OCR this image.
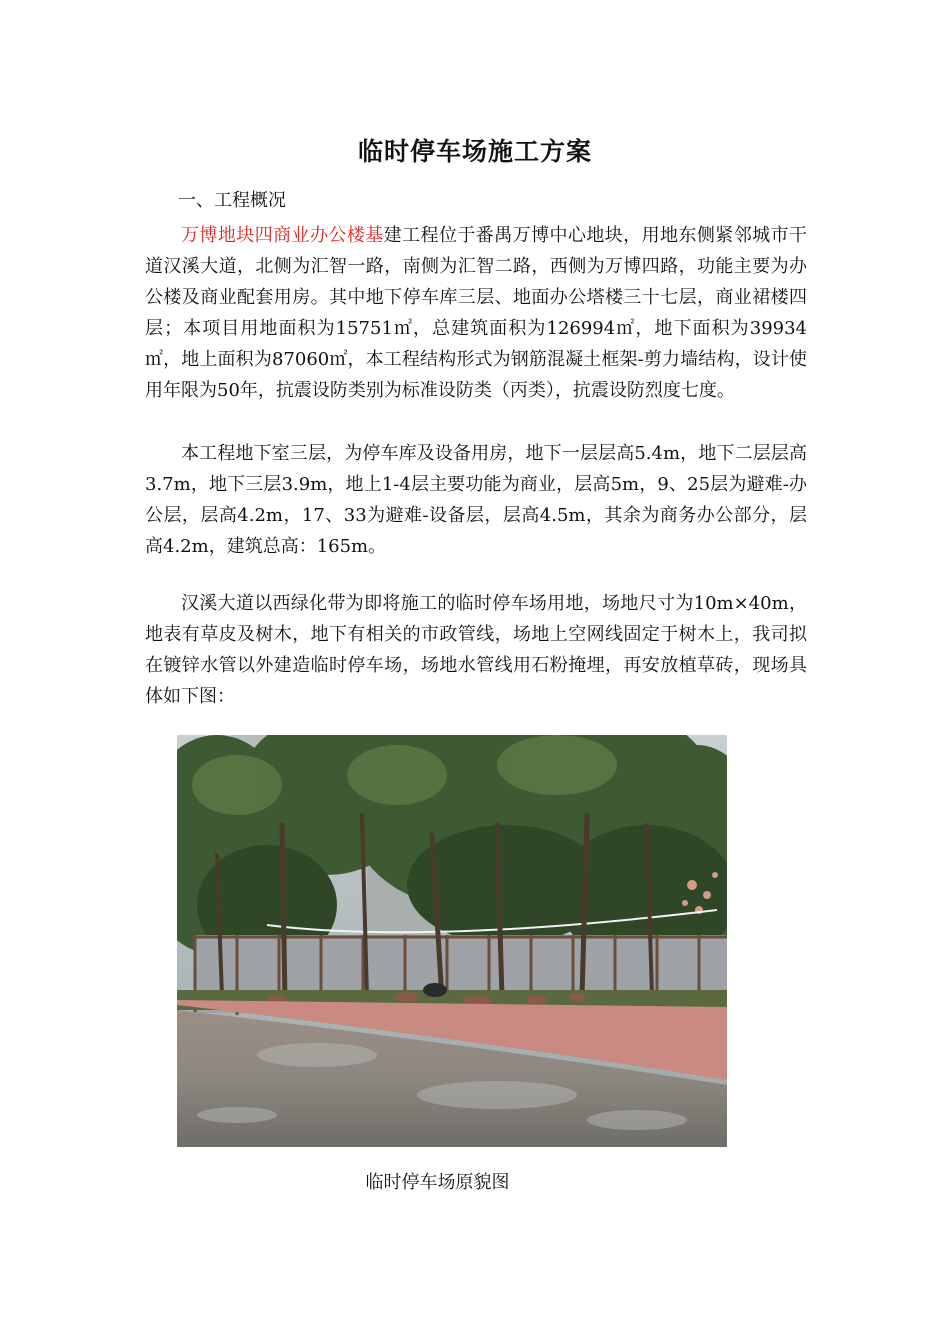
临时停车场施工方案
一、工程概况

万博地块四商业办公楼基建工程位于番禺万博中心地块，用地东侧紧邻城市干道汉溪大道，北侧为汇智一路，南侧为汇智二路，西侧为万博四路，功能主要为办公楼及商业配套用房。其中地下停车库三层、地面办公塔楼三十七层，商业裙楼四层；本项目用地面积为15751㎡，总建筑面积为126994㎡，地下面积为39934㎡，地上面积为87060㎡，本工程结构形式为钢筋混凝土框架-剪力墙结构，设计使用年限为50年，抗震设防类别为标准设防类（丙类），抗震设防烈度七度。

本工程地下室三层，为停车库及设备用房，地下一层层高5.4m，地下二层层高3.7m，地下三层3.9m，地上1-4层主要功能为商业，层高5m，9、25层为避难-办公层，层高4.2m，17、33为避难-设备层，层高4.5m，其余为商务办公部分，层高4.2m，建筑总高：165m。

汉溪大道以西绿化带为即将施工的临时停车场用地，场地尺寸为10m×40m，地表有草皮及树木，地下有相关的市政管线，场地上空网线固定于树木上，我司拟在镀锌水管以外建造临时停车场，场地水管线用石粉掩埋，再安放植草砖，现场具体如下图：

临时停车场原貌图
